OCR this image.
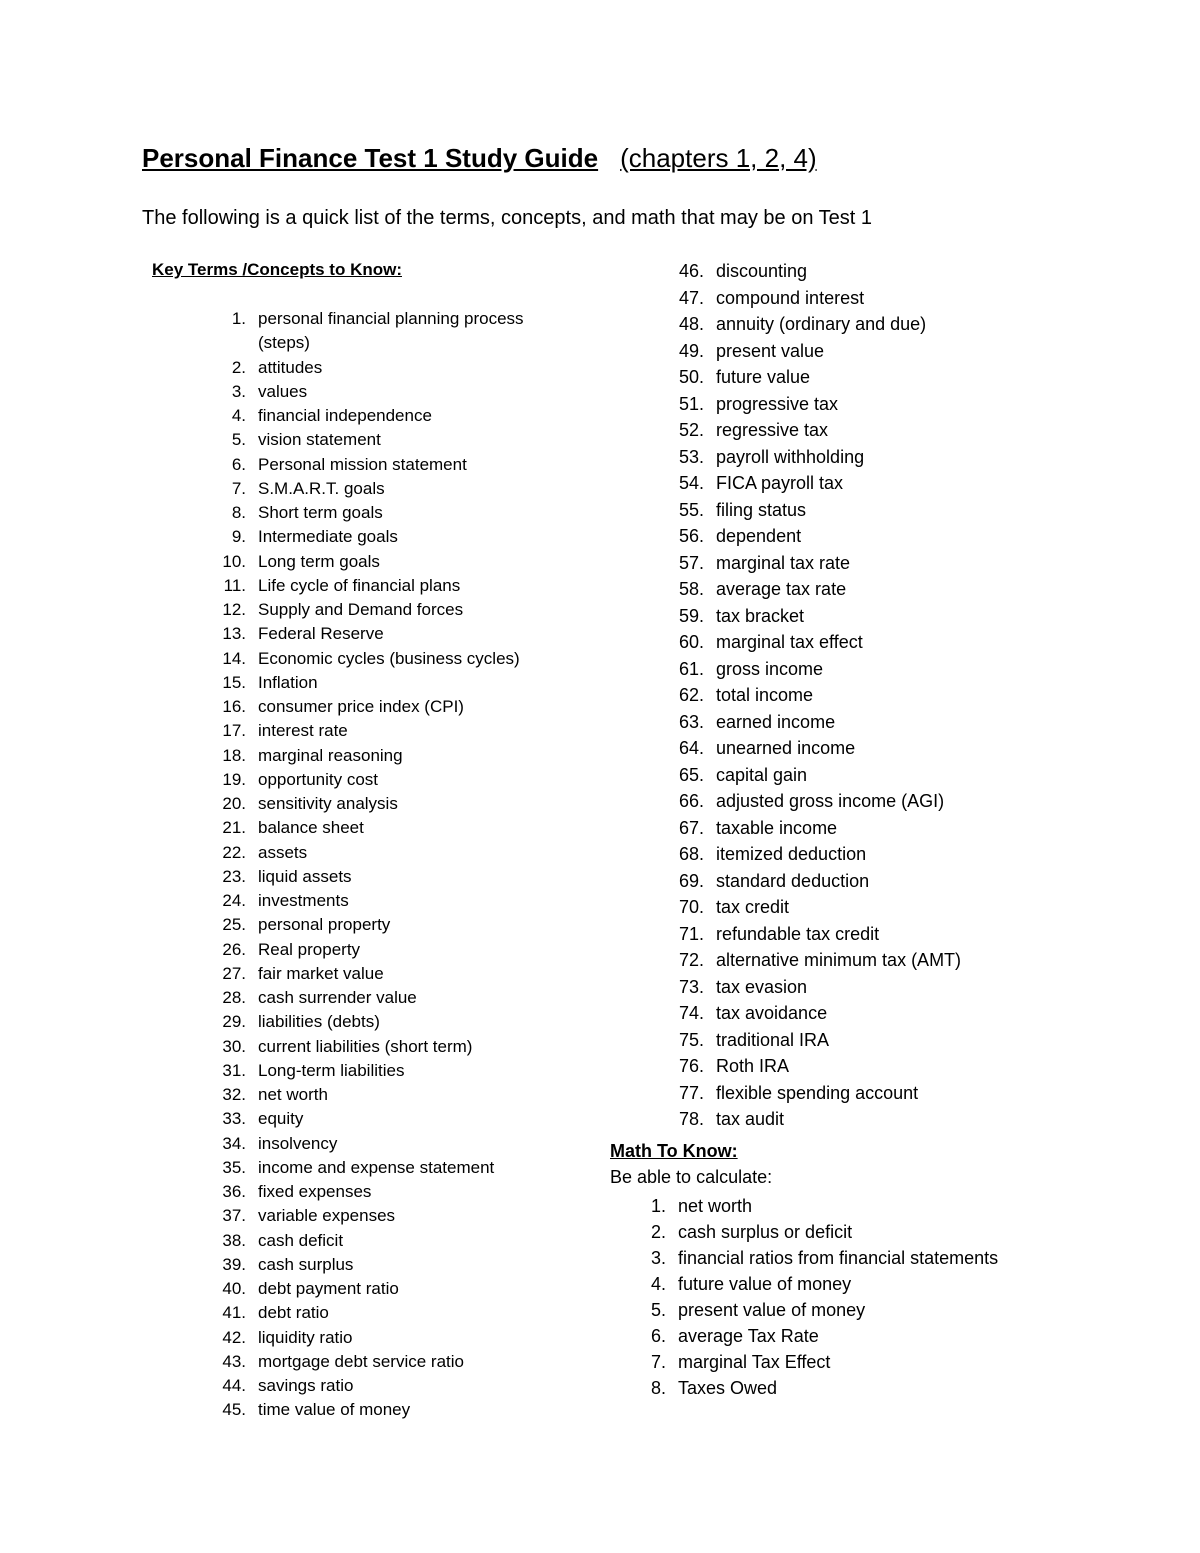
Personal Finance Test 1 Study Guide (chapters 1, 2, 4)
The following is a quick list of the terms, concepts, and math that may be on Test 1
Key Terms /Concepts to Know:
1. personal financial planning process (steps)
2. attitudes
3. values
4. financial independence
5. vision statement
6. Personal mission statement
7. S.M.A.R.T. goals
8. Short term goals
9. Intermediate goals
10. Long term goals
11. Life cycle of financial plans
12. Supply and Demand forces
13. Federal Reserve
14. Economic cycles (business cycles)
15. Inflation
16. consumer price index (CPI)
17. interest rate
18. marginal reasoning
19. opportunity cost
20. sensitivity analysis
21. balance sheet
22. assets
23. liquid assets
24. investments
25. personal property
26. Real property
27. fair market value
28. cash surrender value
29. liabilities (debts)
30. current liabilities (short term)
31. Long-term liabilities
32. net worth
33. equity
34. insolvency
35. income and expense statement
36. fixed expenses
37. variable expenses
38. cash deficit
39. cash surplus
40. debt payment ratio
41. debt ratio
42. liquidity ratio
43. mortgage debt service ratio
44. savings ratio
45. time value of money
46. discounting
47. compound interest
48. annuity (ordinary and due)
49. present value
50. future value
51. progressive tax
52. regressive tax
53. payroll withholding
54. FICA payroll tax
55. filing status
56. dependent
57. marginal tax rate
58. average tax rate
59. tax bracket
60. marginal tax effect
61. gross income
62. total income
63. earned income
64. unearned income
65. capital gain
66. adjusted gross income (AGI)
67. taxable income
68. itemized deduction
69. standard deduction
70. tax credit
71. refundable tax credit
72. alternative minimum tax (AMT)
73. tax evasion
74. tax avoidance
75. traditional IRA
76. Roth IRA
77. flexible spending account
78. tax audit
Math To Know:
Be able to calculate:
1. net worth
2. cash surplus or deficit
3. financial ratios from financial statements
4. future value of money
5. present value of money
6. average Tax Rate
7. marginal Tax Effect
8. Taxes Owed
